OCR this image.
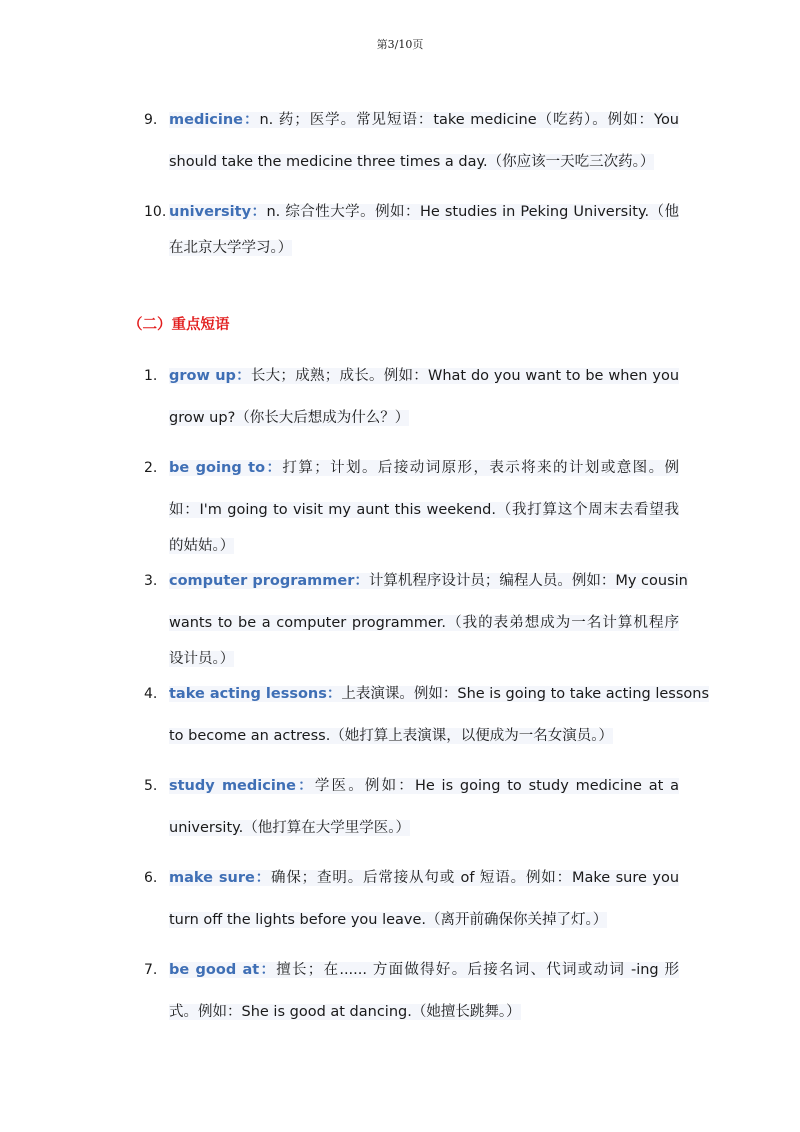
第3/10页
9. medicine：n. 药；医学。常见短语：take medicine（吃药）。例如：You
should take the medicine three times a day.（你应该一天吃三次药。）
10. university：n. 综合性大学。例如：He studies in Peking University.（他
在北京大学学习。）
（二）重点短语
1. grow up：长大；成熟；成长。例如：What do you want to be when you
grow up?（你长大后想成为什么？）
2. be going to：打算；计划。后接动词原形，表示将来的计划或意图。例
如：I'm going to visit my aunt this weekend.（我打算这个周末去看望我
的姑姑。）
3. computer programmer：计算机程序设计员；编程人员。例如：My cousin
wants to be a computer programmer.（我的表弟想成为一名计算机程序
设计员。）
4. take acting lessons：上表演课。例如：She is going to take acting lessons
to become an actress.（她打算上表演课，以便成为一名女演员。）
5. study medicine：学医。例如：He is going to study medicine at a
university.（他打算在大学里学医。）
6. make sure：确保；查明。后常接从句或 of 短语。例如：Make sure you
turn off the lights before you leave.（离开前确保你关掉了灯。）
7. be good at：擅长；在...... 方面做得好。后接名词、代词或动词 -ing 形
式。例如：She is good at dancing.（她擅长跳舞。）
